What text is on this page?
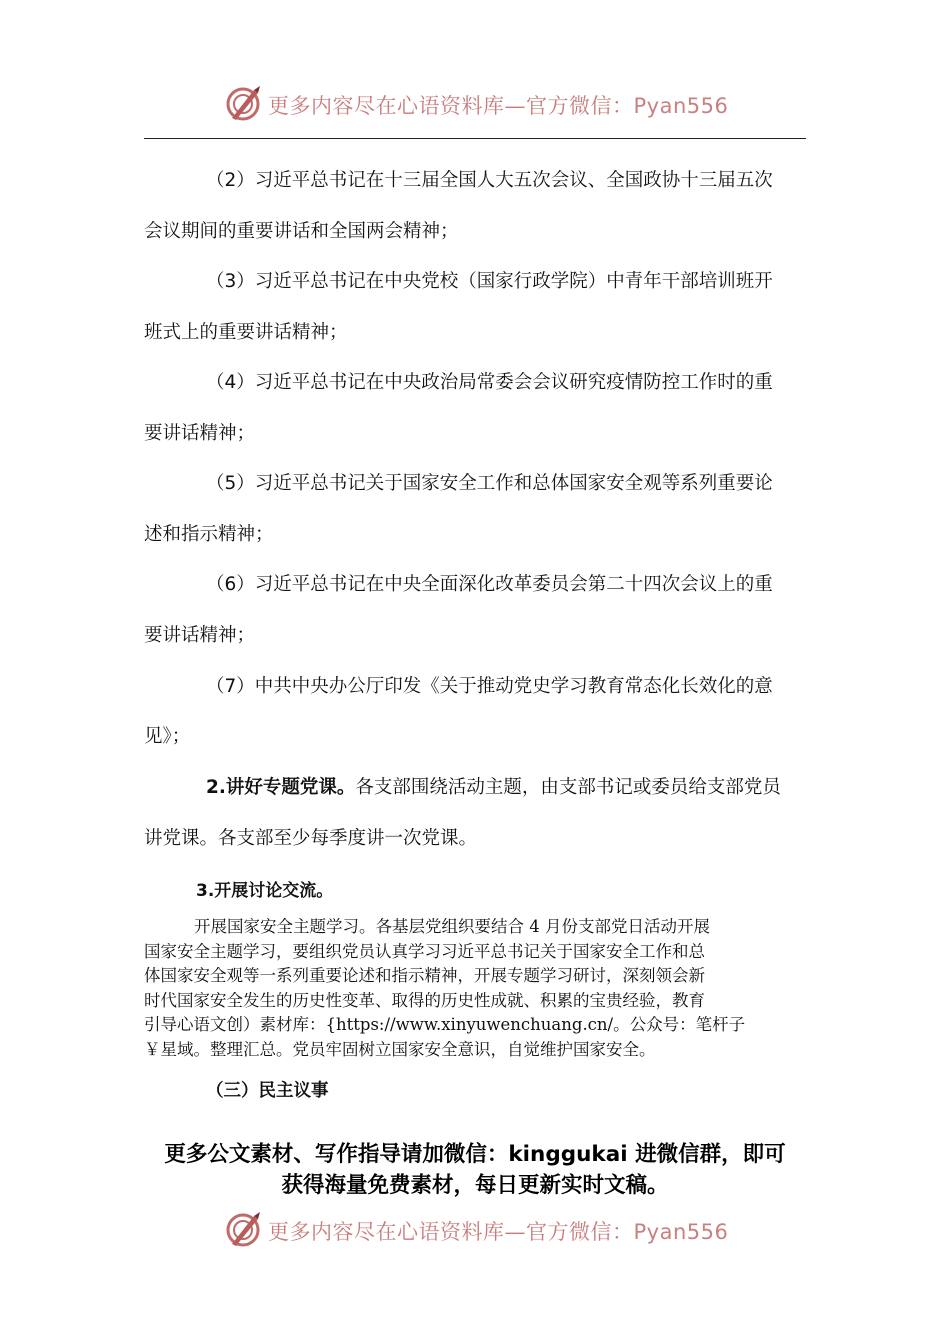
更多内容尽在心语资料库—官方微信：Pyan556
（2）习近平总书记在十三届全国人大五次会议、全国政协十三届五次
会议期间的重要讲话和全国两会精神；
（3）习近平总书记在中央党校（国家行政学院）中青年干部培训班开
班式上的重要讲话精神；
（4）习近平总书记在中央政治局常委会会议研究疫情防控工作时的重
要讲话精神；
（5）习近平总书记关于国家安全工作和总体国家安全观等系列重要论
述和指示精神；
（6）习近平总书记在中央全面深化改革委员会第二十四次会议上的重
要讲话精神；
（7）中共中央办公厅印发《关于推动党史学习教育常态化长效化的意
见》；
2.讲好专题党课。各支部围绕活动主题，由支部书记或委员给支部党员
讲党课。各支部至少每季度讲一次党课。
3.开展讨论交流。
开展国家安全主题学习。各基层党组织要结合 4 月份支部党日活动开展
国家安全主题学习，要组织党员认真学习习近平总书记关于国家安全工作和总
体国家安全观等一系列重要论述和指示精神，开展专题学习研讨，深刻领会新
时代国家安全发生的历史性变革、取得的历史性成就、积累的宝贵经验，教育
引导心语文创）素材库：{https://www.xinyuwenchuang.cn/。公众号：笔杆子
￥星域。整理汇总。党员牢固树立国家安全意识，自觉维护国家安全。
（三）民主议事
更多公文素材、写作指导请加微信：kinggukai 进微信群，即可
获得海量免费素材，每日更新实时文稿。
更多内容尽在心语资料库—官方微信：Pyan556
